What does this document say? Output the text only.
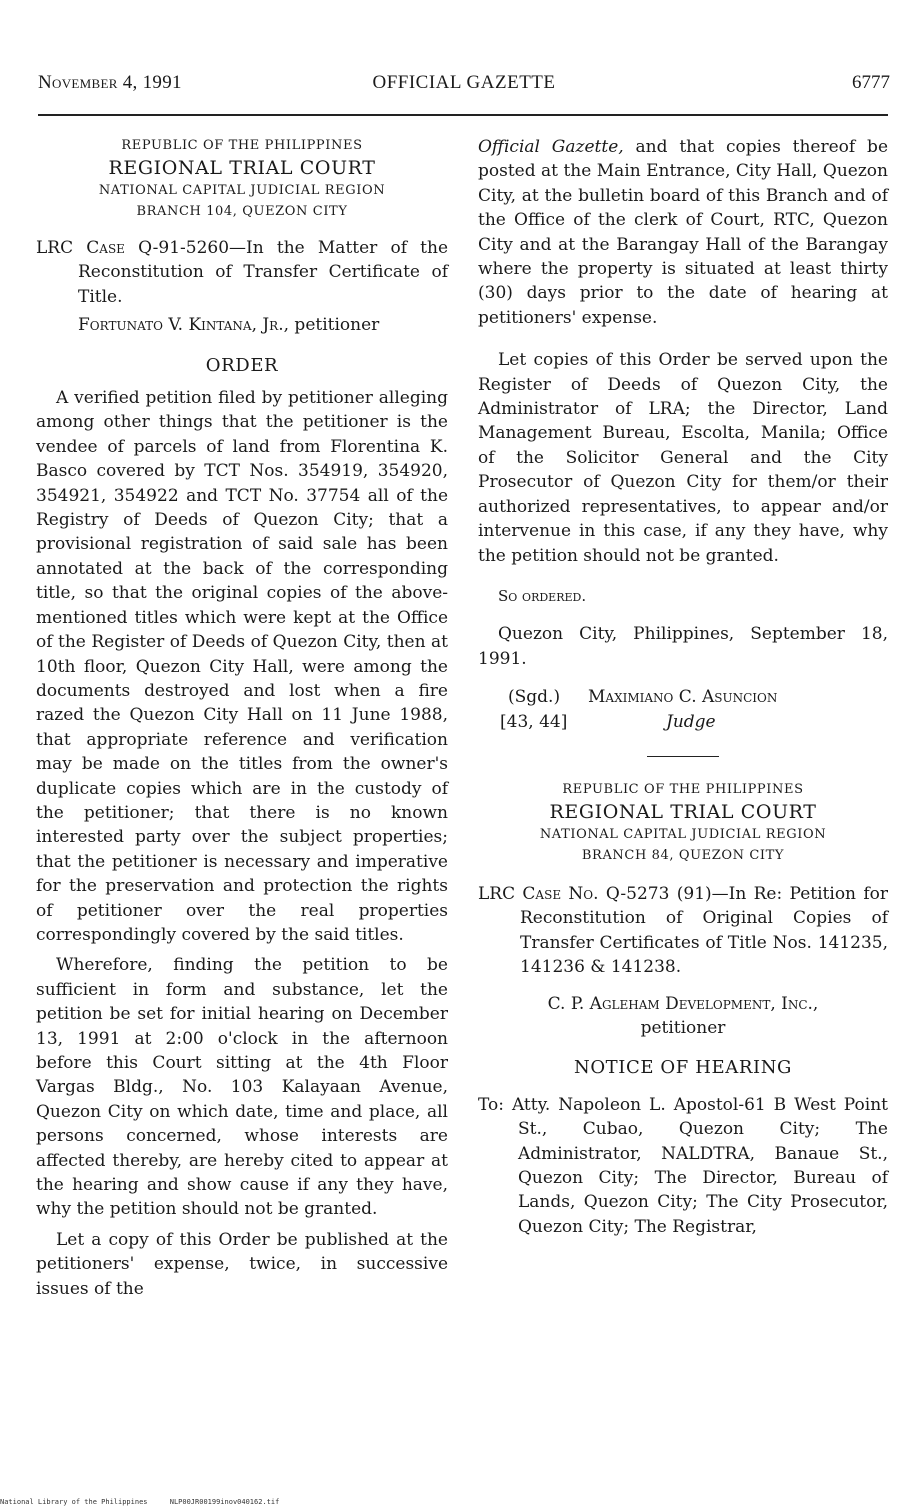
November 4, 1991	OFFICIAL GAZETTE	6777
REPUBLIC OF THE PHILIPPINES
REGIONAL TRIAL COURT
NATIONAL CAPITAL JUDICIAL REGION
BRANCH 104, QUEZON CITY

LRC Case Q-91-5260—In the Matter of the Reconstitution of Transfer Certificate of Title.

Fortunato V. Kintana, Jr., petitioner

ORDER

A verified petition filed by petitioner alleging among other things that the petitioner is the vendee of parcels of land from Florentina K. Basco covered by TCT Nos. 354919, 354920, 354921, 354922 and TCT No. 37754 all of the Registry of Deeds of Quezon City; that a provisional registration of said sale has been annotated at the back of the corresponding title, so that the original copies of the above-mentioned titles which were kept at the Office of the Register of Deeds of Quezon City, then at 10th floor, Quezon City Hall, were among the documents destroyed and lost when a fire razed the Quezon City Hall on 11 June 1988, that appropriate reference and verification may be made on the titles from the owner's duplicate copies which are in the custody of the petitioner; that there is no known interested party over the subject properties; that the petitioner is necessary and imperative for the preservation and protection the rights of petitioner over the real properties correspondingly covered by the said titles.

Wherefore, finding the petition to be sufficient in form and substance, let the petition be set for initial hearing on December 13, 1991 at 2:00 o'clock in the afternoon before this Court sitting at the 4th Floor Vargas Bldg., No. 103 Kalayaan Avenue, Quezon City on which date, time and place, all persons concerned, whose interests are affected thereby, are hereby cited to appear at the hearing and show cause if any they have, why the petition should not be granted.

Let a copy of this Order be published at the petitioners' expense, twice, in successive issues of the

Official Gazette, and that copies thereof be posted at the Main Entrance, City Hall, Quezon City, at the bulletin board of this Branch and of the Office of the clerk of Court, RTC, Quezon City and at the Barangay Hall of the Barangay where the property is situated at least thirty (30) days prior to the date of hearing at petitioners' expense.

Let copies of this Order be served upon the Register of Deeds of Quezon City, the Administrator of LRA; the Director, Land Management Bureau, Escolta, Manila; Office of the Solicitor General and the City Prosecutor of Quezon City for them/or their authorized representatives, to appear and/or intervenue in this case, if any they have, why the petition should not be granted.

So ordered.

Quezon City, Philippines, September 18, 1991.

(Sgd.)	Maximiano C. Asuncion
[43, 44]	Judge
REPUBLIC OF THE PHILIPPINES
REGIONAL TRIAL COURT
NATIONAL CAPITAL JUDICIAL REGION
BRANCH 84, QUEZON CITY

LRC Case No. Q-5273 (91)—In Re: Petition for Reconstitution of Original Copies of Transfer Certificates of Title Nos. 141235, 141236 & 141238.

C. P. Agleham Development, Inc.,
petitioner

NOTICE OF HEARING

To: Atty. Napoleon L. Apostol-61 B West Point St., Cubao, Quezon City; The Administrator, NALDTRA, Banaue St., Quezon City; The Director, Bureau of Lands, Quezon City; The City Prosecutor, Quezon City; The Registrar,

National Library of the Philippines	NLP00JR00199inov040162.tif
